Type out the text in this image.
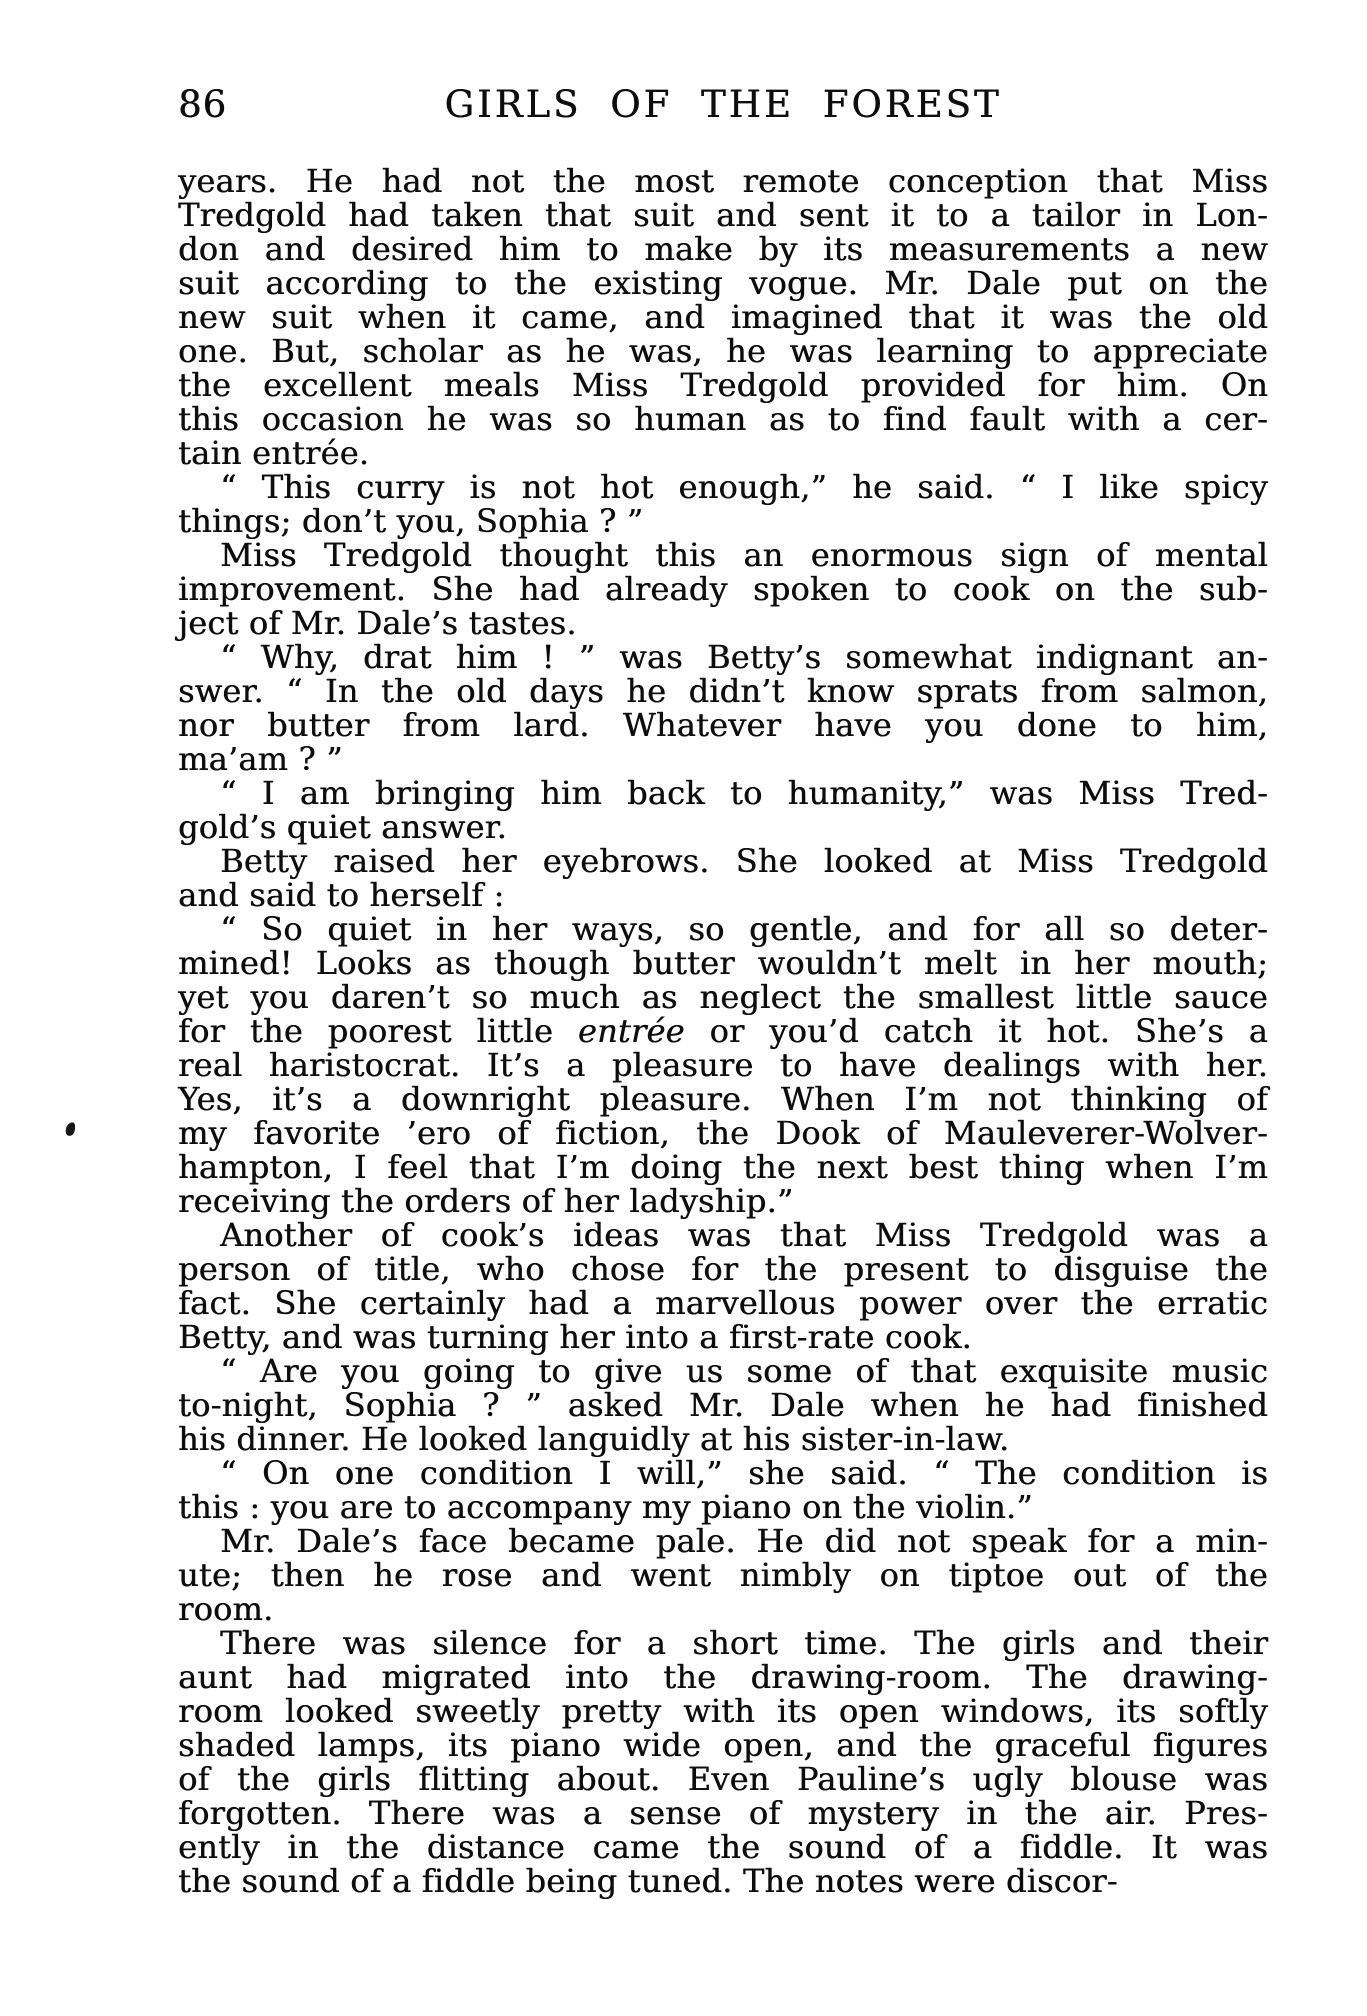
86	GIRLS OF THE FOREST
years. He had not the most remote conception that Miss
Tredgold had taken that suit and sent it to a tailor in Lon-
don and desired him to make by its measurements a new
suit according to the existing vogue. Mr. Dale put on the
new suit when it came, and imagined that it was the old
one. But, scholar as he was, he was learning to appreciate
the excellent meals Miss Tredgold provided for him. On
this occasion he was so human as to find fault with a cer-
tain entrée.
“ This curry is not hot enough,” he said. “ I like spicy
things; don’t you, Sophia ? ”
Miss Tredgold thought this an enormous sign of mental
improvement. She had already spoken to cook on the sub-
ject of Mr. Dale’s tastes.
“ Why, drat him ! ” was Betty’s somewhat indignant an-
swer. “ In the old days he didn’t know sprats from salmon,
nor butter from lard. Whatever have you done to him,
ma’am ? ”
“ I am bringing him back to humanity,” was Miss Tred-
gold’s quiet answer.
Betty raised her eyebrows. She looked at Miss Tredgold
and said to herself :
“ So quiet in her ways, so gentle, and for all so deter-
mined! Looks as though butter wouldn’t melt in her mouth;
yet you daren’t so much as neglect the smallest little sauce
for the poorest little entrée or you’d catch it hot. She’s a
real haristocrat. It’s a pleasure to have dealings with her.
Yes, it’s a downright pleasure. When I’m not thinking of
my favorite ’ero of fiction, the Dook of Mauleverer-Wolver-
hampton, I feel that I’m doing the next best thing when I’m
receiving the orders of her ladyship.”
Another of cook’s ideas was that Miss Tredgold was a
person of title, who chose for the present to disguise the
fact. She certainly had a marvellous power over the erratic
Betty, and was turning her into a first-rate cook.
“ Are you going to give us some of that exquisite music
to-night, Sophia ? ” asked Mr. Dale when he had finished
his dinner. He looked languidly at his sister-in-law.
“ On one condition I will,” she said. “ The condition is
this : you are to accompany my piano on the violin.”
Mr. Dale’s face became pale. He did not speak for a min-
ute; then he rose and went nimbly on tiptoe out of the
room.
There was silence for a short time. The girls and their
aunt had migrated into the drawing-room. The drawing-
room looked sweetly pretty with its open windows, its softly
shaded lamps, its piano wide open, and the graceful figures
of the girls flitting about. Even Pauline’s ugly blouse was
forgotten. There was a sense of mystery in the air. Pres-
ently in the distance came the sound of a fiddle. It was
the sound of a fiddle being tuned. The notes were discor-
